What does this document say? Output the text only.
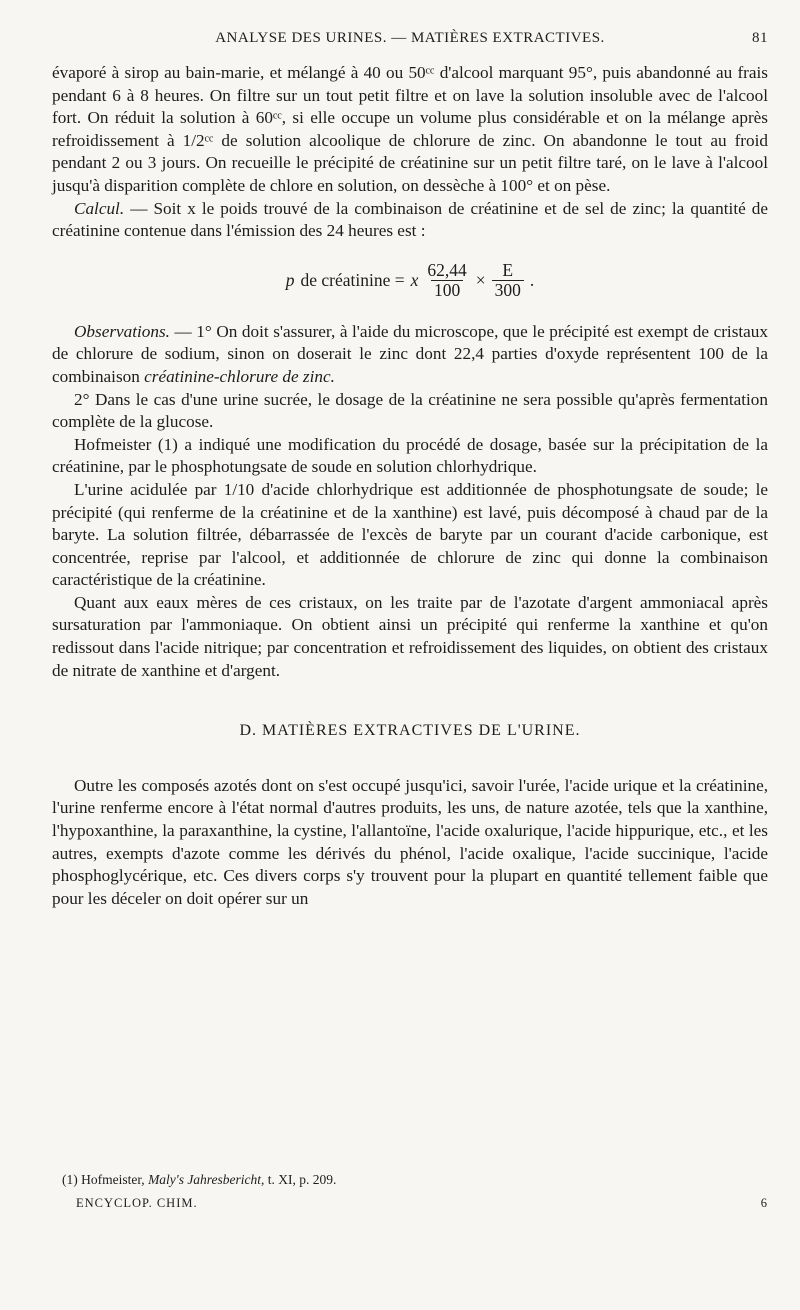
ANALYSE DES URINES. — MATIÈRES EXTRACTIVES.	81

évaporé à sirop au bain-marie, et mélangé à 40 ou 50ᶜᶜ d'alcool marquant 95°, puis abandonné au frais pendant 6 à 8 heures. On filtre sur un tout petit filtre et on lave la solution insoluble avec de l'alcool fort. On réduit la solution à 60ᶜᶜ, si elle occupe un volume plus considérable et on la mélange après refroidissement à 1/2ᶜᶜ de solution alcoolique de chlorure de zinc. On abandonne le tout au froid pendant 2 ou 3 jours. On recueille le précipité de créatinine sur un petit filtre taré, on le lave à l'alcool jusqu'à disparition complète de chlore en solution, on dessèche à 100° et on pèse.

Calcul. — Soit x le poids trouvé de la combinaison de créatinine et de sel de zinc; la quantité de créatinine contenue dans l'émission des 24 heures est :

p de créatinine = x $\frac{62,44}{100} \times \frac{E}{300}$ .

Observations. — 1° On doit s'assurer, à l'aide du microscope, que le précipité est exempt de cristaux de chlorure de sodium, sinon on doserait le zinc dont 22,4 parties d'oxyde représentent 100 de la combinaison créatinine-chlorure de zinc.

2° Dans le cas d'une urine sucrée, le dosage de la créatinine ne sera possible qu'après fermentation complète de la glucose.

Hofmeister (1) a indiqué une modification du procédé de dosage, basée sur la précipitation de la créatinine, par le phosphotungsate de soude en solution chlorhydrique.

L'urine acidulée par 1/10 d'acide chlorhydrique est additionnée de phosphotungsate de soude; le précipité (qui renferme de la créatinine et de la xanthine) est lavé, puis décomposé à chaud par de la baryte. La solution filtrée, débarrassée de l'excès de baryte par un courant d'acide carbonique, est concentrée, reprise par l'alcool, et additionnée de chlorure de zinc qui donne la combinaison caractéristique de la créatinine.

Quant aux eaux mères de ces cristaux, on les traite par de l'azotate d'argent ammoniacal après sursaturation par l'ammoniaque. On obtient ainsi un précipité qui renferme la xanthine et qu'on redissout dans l'acide nitrique; par concentration et refroidissement des liquides, on obtient des cristaux de nitrate de xanthine et d'argent.

D. MATIÈRES EXTRACTIVES DE L'URINE.

Outre les composés azotés dont on s'est occupé jusqu'ici, savoir l'urée, l'acide urique et la créatinine, l'urine renferme encore à l'état normal d'autres produits, les uns, de nature azotée, tels que la xanthine, l'hypoxanthine, la paraxanthine, la cystine, l'allantoïne, l'acide oxalurique, l'acide hippurique, etc., et les autres, exempts d'azote comme les dérivés du phénol, l'acide oxalique, l'acide succinique, l'acide phosphoglycérique, etc. Ces divers corps s'y trouvent pour la plupart en quantité tellement faible que pour les déceler on doit opérer sur un

(1) Hofmeister, Maly's Jahresbericht, t. XI, p. 209.
ENCYCLOP. CHIM.	6
